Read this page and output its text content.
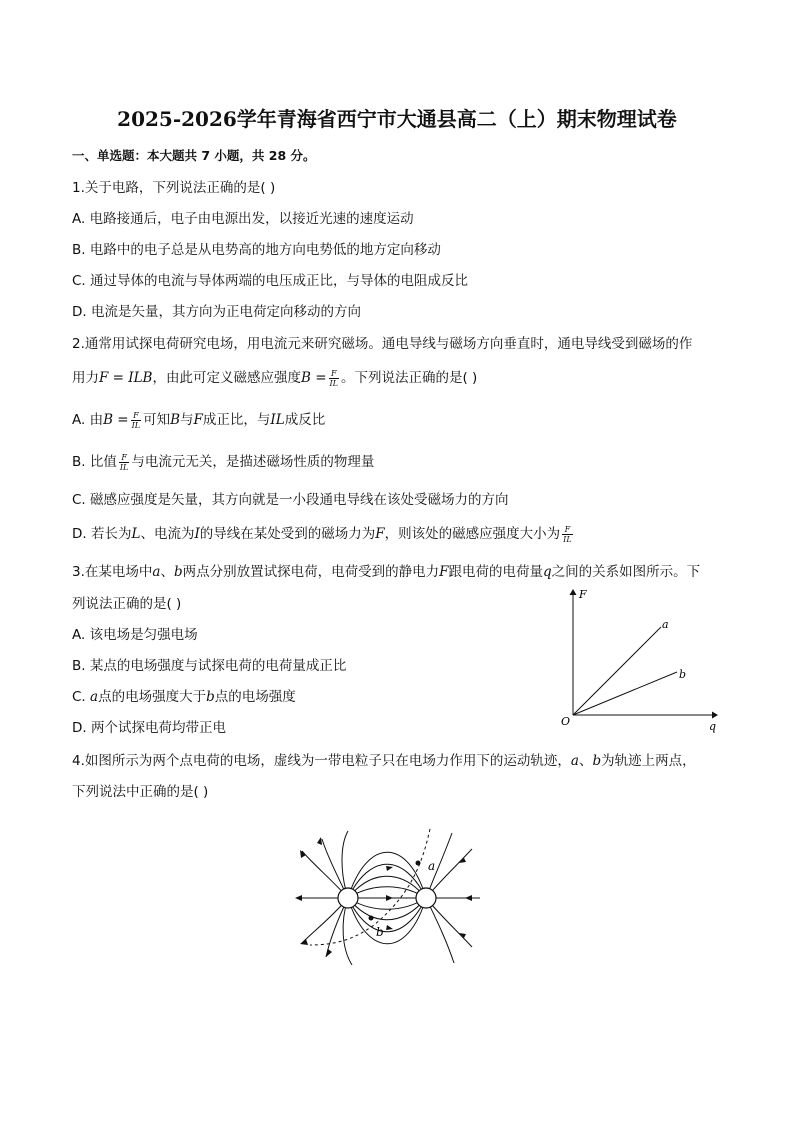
2025-2026学年青海省西宁市大通县高二（上）期末物理试卷
一、单选题：本大题共 7 小题，共 28 分。
1.关于电路，下列说法正确的是( )
A. 电路接通后，电子由电源出发，以接近光速的速度运动
B. 电路中的电子总是从电势高的地方向电势低的地方定向移动
C. 通过导体的电流与导体两端的电压成正比，与导体的电阻成反比
D. 电流是矢量，其方向为正电荷定向移动的方向
2.通常用试探电荷研究电场，用电流元来研究磁场。通电导线与磁场方向垂直时，通电导线受到磁场的作
用力F = ILB，由此可定义磁感应强度$B = \frac{F}{IL}$ 。下列说法正确的是( )
A. 由$B = \frac{F}{IL}$ 可知B与F成正比，与IL成反比
B. 比值 $\frac{F}{IL}$ 与电流元无关，是描述磁场性质的物理量
C. 磁感应强度是矢量，其方向就是一小段通电导线在该处受磁场力的方向
D. 若长为L、电流为I的导线在某处受到的磁场力为F，则该处的磁感应强度大小为 $\frac{F}{IL}$
3.在某电场中a、b两点分别放置试探电荷，电荷受到的静电力F跟电荷的电荷量q之间的关系如图所示。下
列说法正确的是( )
A. 该电场是匀强电场
B. 某点的电场强度与试探电荷的电荷量成正比
C. a点的电场强度大于b点的电场强度
D. 两个试探电荷均带正电
F
q
O
a
b
4.如图所示为两个点电荷的电场，虚线为一带电粒子只在电场力作用下的运动轨迹，a、b为轨迹上两点，
下列说法中正确的是( )
a
b
